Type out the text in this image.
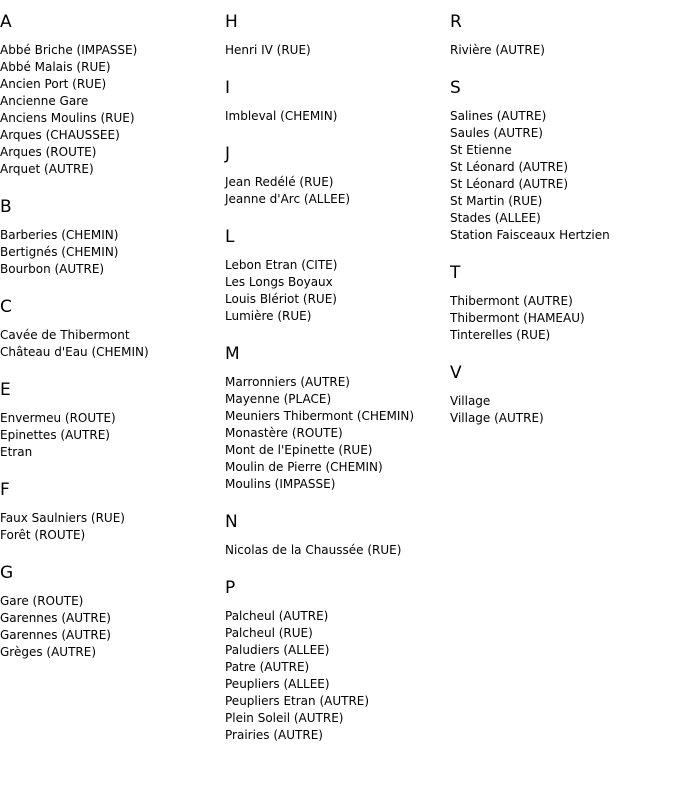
A
Abbé Briche (IMPASSE)
Abbé Malais (RUE)
Ancien Port (RUE)
Ancienne Gare
Anciens Moulins (RUE)
Arques (CHAUSSEE)
Arques (ROUTE)
Arquet (AUTRE)
B
Barberies (CHEMIN)
Bertignés (CHEMIN)
Bourbon (AUTRE)
C
Cavée de Thibermont
Château d'Eau (CHEMIN)
E
Envermeu (ROUTE)
Epinettes (AUTRE)
Etran
F
Faux Saulniers (RUE)
Forêt (ROUTE)
G
Gare (ROUTE)
Garennes (AUTRE)
Garennes (AUTRE)
Grèges (AUTRE)
H
Henri IV (RUE)
I
Imbleval (CHEMIN)
J
Jean Redélé (RUE)
Jeanne d'Arc (ALLEE)
L
Lebon Etran (CITE)
Les Longs Boyaux
Louis Blériot (RUE)
Lumière (RUE)
M
Marronniers (AUTRE)
Mayenne (PLACE)
Meuniers Thibermont (CHEMIN)
Monastère (ROUTE)
Mont de l'Epinette (RUE)
Moulin de Pierre (CHEMIN)
Moulins (IMPASSE)
N
Nicolas de la Chaussée (RUE)
P
Palcheul (AUTRE)
Palcheul (RUE)
Paludiers (ALLEE)
Patre (AUTRE)
Peupliers (ALLEE)
Peupliers Etran (AUTRE)
Plein Soleil (AUTRE)
Prairies (AUTRE)
R
Rivière (AUTRE)
S
Salines (AUTRE)
Saules (AUTRE)
St Etienne
St Léonard (AUTRE)
St Léonard (AUTRE)
St Martin (RUE)
Stades (ALLEE)
Station Faisceaux Hertzien
T
Thibermont (AUTRE)
Thibermont (HAMEAU)
Tinterelles (RUE)
V
Village
Village (AUTRE)
